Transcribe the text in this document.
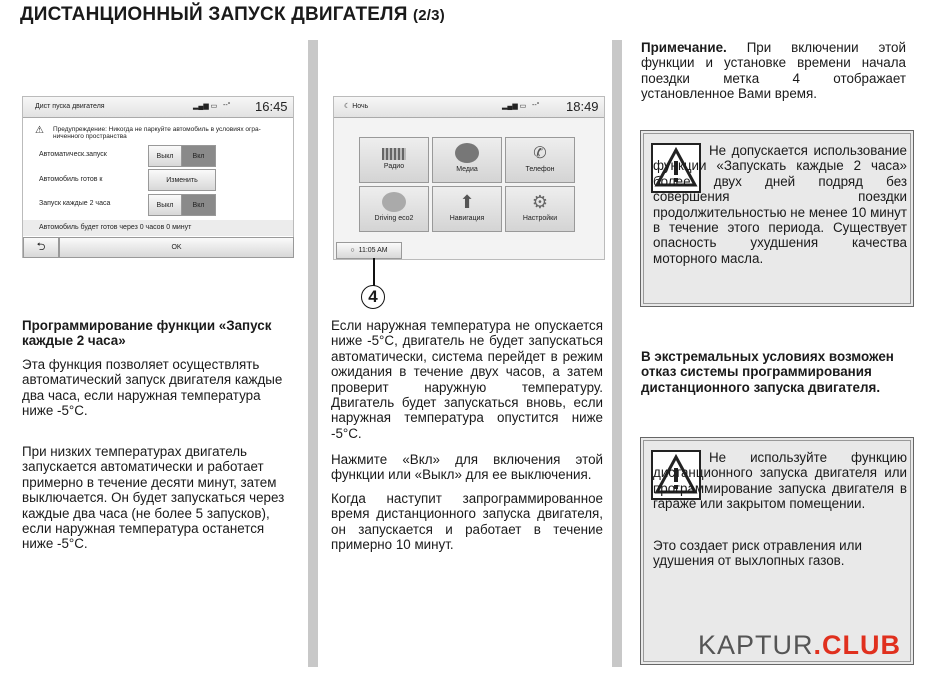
ДИСТАНЦИОННЫЙ ЗАПУСК ДВИГАТЕЛЯ (2/3)
Дист пуска двигателя	▂▄▆ ▭ --° 16:45
⚠ Предупреждение: Никогда не паркуйте автомобиль в условиях огра-ниченного пространства
Автоматическ.запуск	Выкл	Вкл
Автомобиль готов к	Изменить
Запуск каждые 2 часа	Выкл	Вкл
Автомобиль будет готов через 0 часов 0 минут
⮌	OK
☾ Ночь	▂▄▆ ▭ --° 18:49
Радио	Медиа
✆
Телефон
Driving eco2
⬆
Навигация
⚙
Настройки
○ 11:05 AM
4
Программирование функции «Запуск каждые 2 часа»
Эта функция позволяет осуществлять автоматический запуск двигателя каждые два часа, если наружная температура ниже -5°C.
При низких температурах двигатель запускается автоматически и работает примерно в течение десяти минут, затем выключается. Он будет запускаться через каждые два часа (не более 5 запусков), если наружная температура останется ниже -5°C.
Если наружная температура не опускается ниже -5°C, двигатель не будет запускаться автоматически, система перейдет в режим ожидания в течение двух часов, а затем проверит наружную температуру. Двигатель будет запускаться вновь, если наружная температура опустится ниже -5°C.
Нажмите «Вкл» для включения этой функции или «Выкл» для ее выключения.
Когда наступит запрограммированное время дистанционного запуска двигателя, он запускается и работает в течение примерно 10 минут.
Примечание. При включении этой функции и установке времени начала поездки метка 4 отображает установленное Вами время.
Не допускается использование функции «Запускать каждые 2 часа» более двух дней подряд без совершения поездки продолжительностью не менее 10 минут в течение этого периода. Существует опасность ухудшения качества моторного масла.
В экстремальных условиях возможен отказ системы программирования дистанционного запуска двигателя.
Не используйте функцию дистанционного запуска двигателя или программирование запуска двигателя в гараже или закрытом помещении.
Это создает риск отравления или удушения от выхлопных газов.
KAPTUR.CLUB
